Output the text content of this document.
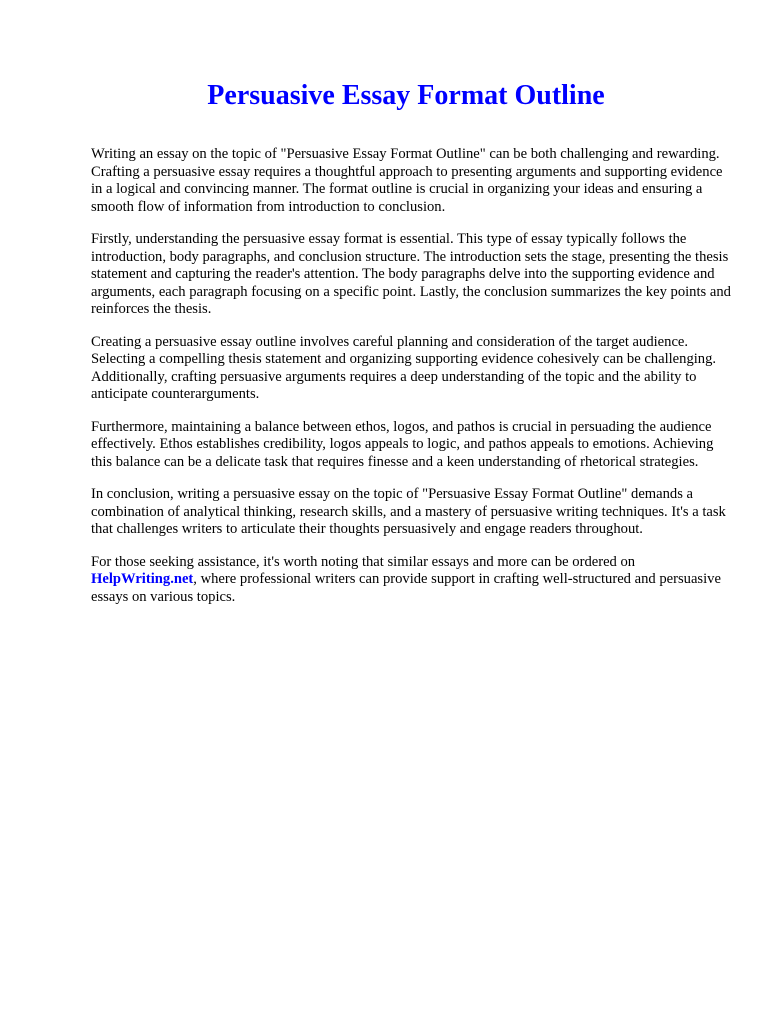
Persuasive Essay Format Outline

Writing an essay on the topic of "Persuasive Essay Format Outline" can be both challenging and rewarding. Crafting a persuasive essay requires a thoughtful approach to presenting arguments and supporting evidence in a logical and convincing manner. The format outline is crucial in organizing your ideas and ensuring a smooth flow of information from introduction to conclusion.

Firstly, understanding the persuasive essay format is essential. This type of essay typically follows the introduction, body paragraphs, and conclusion structure. The introduction sets the stage, presenting the thesis statement and capturing the reader's attention. The body paragraphs delve into the supporting evidence and arguments, each paragraph focusing on a specific point. Lastly, the conclusion summarizes the key points and reinforces the thesis.

Creating a persuasive essay outline involves careful planning and consideration of the target audience. Selecting a compelling thesis statement and organizing supporting evidence cohesively can be challenging. Additionally, crafting persuasive arguments requires a deep understanding of the topic and the ability to anticipate counterarguments.

Furthermore, maintaining a balance between ethos, logos, and pathos is crucial in persuading the audience effectively. Ethos establishes credibility, logos appeals to logic, and pathos appeals to emotions. Achieving this balance can be a delicate task that requires finesse and a keen understanding of rhetorical strategies.

In conclusion, writing a persuasive essay on the topic of "Persuasive Essay Format Outline" demands a combination of analytical thinking, research skills, and a mastery of persuasive writing techniques. It's a task that challenges writers to articulate their thoughts persuasively and engage readers throughout.

For those seeking assistance, it's worth noting that similar essays and more can be ordered on HelpWriting.net, where professional writers can provide support in crafting well-structured and persuasive essays on various topics.
